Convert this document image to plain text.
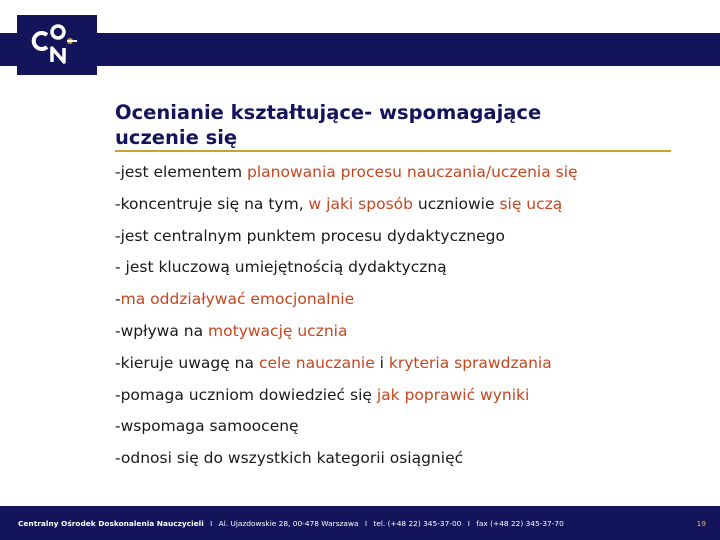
Ocenianie kształtujące- wspomagające
uczenie się
-jest elementem planowania procesu nauczania/uczenia się
-koncentruje się na tym, w jaki sposób uczniowie się uczą
-jest centralnym punktem procesu dydaktycznego
- jest kluczową umiejętnością dydaktyczną
-ma oddziaływać emocjonalnie
-wpływa na motywację ucznia
-kieruje uwagę na cele nauczanie i kryteria sprawdzania
-pomaga uczniom dowiedzieć się jak poprawić wyniki
-wspomaga samoocenę
-odnosi się do wszystkich kategorii osiągnięć
Centralny Ośrodek Doskonalenia Nauczycieli I Al. Ujazdowskie 28, 00-478 Warszawa I tel. (+48 22) 345-37-00 I fax (+48 22) 345-37-70	19
